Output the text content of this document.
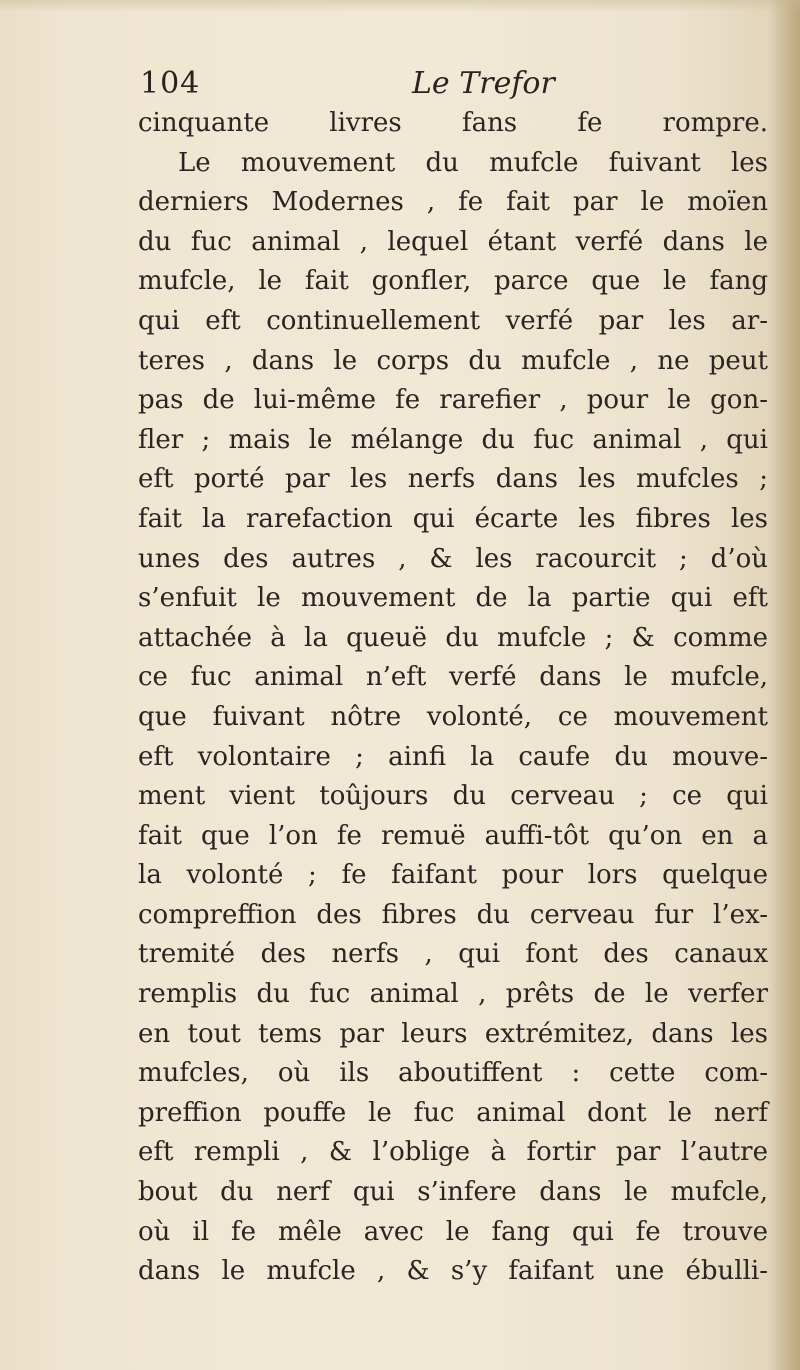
104	Le Trefor
cinquante livres fans fe rompre.
Le mouvement du mufcle fuivant les
derniers Modernes , fe fait par le moïen
du fuc animal , lequel étant verfé dans le
mufcle, le fait gonfler, parce que le fang
qui eft continuellement verfé par les ar-
teres , dans le corps du mufcle , ne peut
pas de lui-même fe rarefier , pour le gon-
fler ; mais le mélange du fuc animal , qui
eft porté par les nerfs dans les mufcles ;
fait la rarefaction qui écarte les fibres les
unes des autres , & les racourcit ; d’où
s’enfuit le mouvement de la partie qui eft
attachée à la queuë du mufcle ; & comme
ce fuc animal n’eft verfé dans le mufcle,
que fuivant nôtre volonté, ce mouvement
eft volontaire ; ainfi la caufe du mouve-
ment vient toûjours du cerveau ; ce qui
fait que l’on fe remuë auffi-tôt qu’on en a
la volonté ; fe faifant pour lors quelque
compreffion des fibres du cerveau fur l’ex-
tremité des nerfs , qui font des canaux
remplis du fuc animal , prêts de le verfer
en tout tems par leurs extrémitez, dans les
mufcles, où ils aboutiffent : cette com-
preffion pouffe le fuc animal dont le nerf
eft rempli , & l’oblige à fortir par l’autre
bout du nerf qui s’infere dans le mufcle,
où il fe mêle avec le fang qui fe trouve
dans le mufcle , & s’y faifant une ébulli-
